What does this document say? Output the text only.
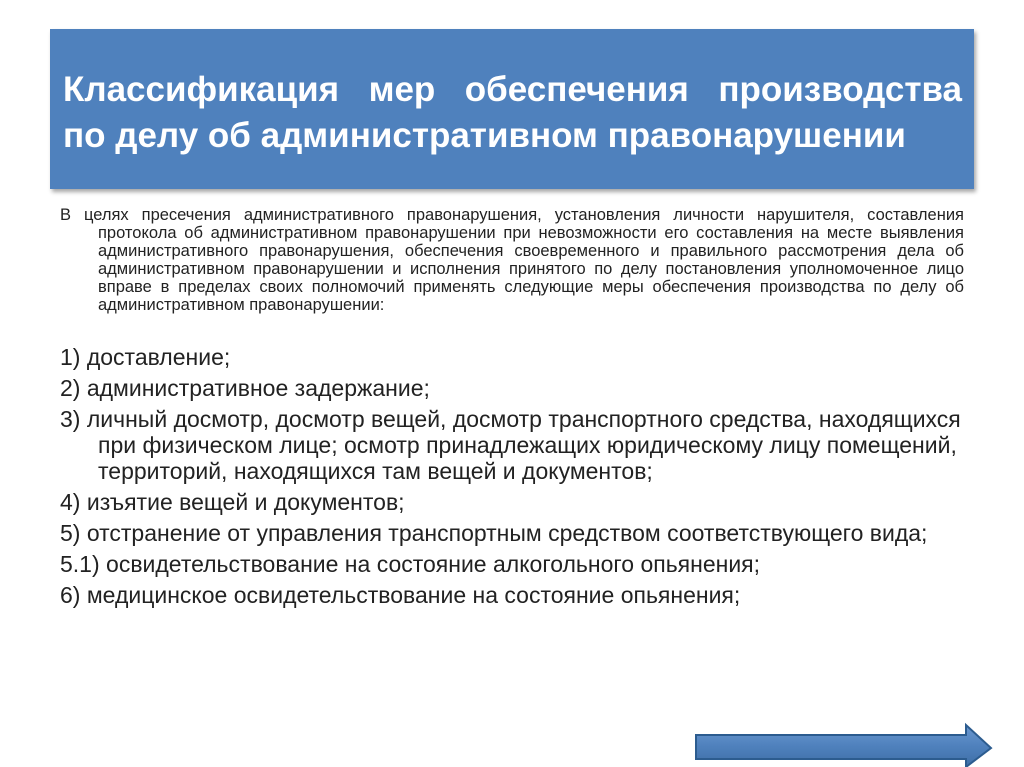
Классификация мер обеспечения производства
по делу об административном правонарушении
В целях пресечения административного правонарушения, установления личности нарушителя, составления протокола об административном правонарушении при невозможности его составления на месте выявления административного правонарушения, обеспечения своевременного и правильного рассмотрения дела об административном правонарушении и исполнения принятого по делу постановления уполномоченное лицо вправе в пределах своих полномочий применять следующие меры обеспечения производства по делу об административном правонарушении:
1) доставление;
2) административное задержание;
3) личный досмотр, досмотр вещей, досмотр транспортного средства, находящихся при физическом лице; осмотр принадлежащих юридическому лицу помещений, территорий, находящихся там вещей и документов;
4) изъятие вещей и документов;
5) отстранение от управления транспортным средством соответствующего вида;
5.1) освидетельствование на состояние алкогольного опьянения;
6) медицинское освидетельствование на состояние опьянения;
